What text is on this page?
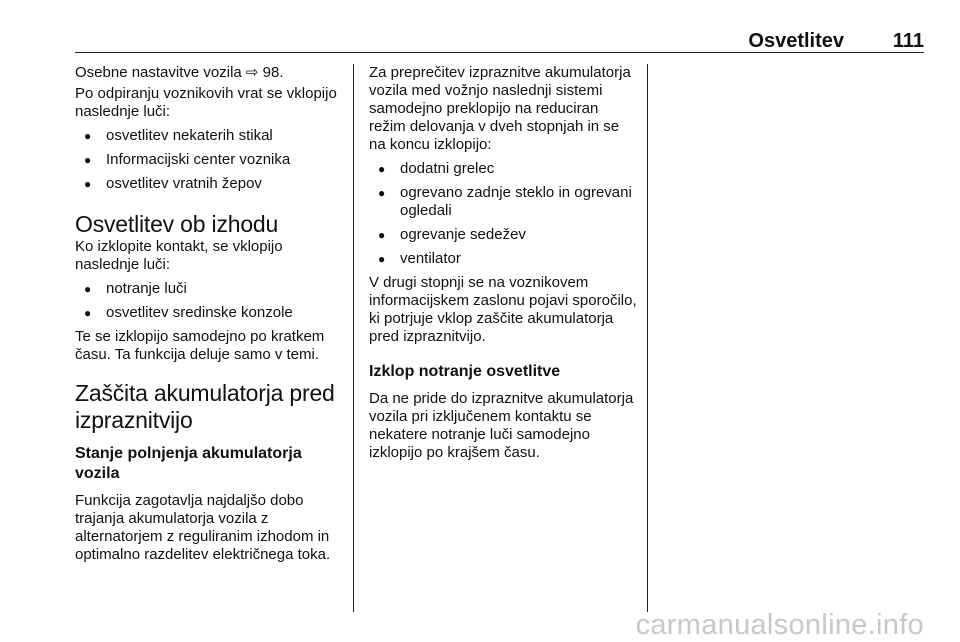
Osvetlitev 111

Osebne nastavitve vozila ⇨ 98.

Po odpiranju voznikovih vrat se vklopijo naslednje luči:

● osvetlitev nekaterih stikal
● Informacijski center voznika
● osvetlitev vratnih žepov
Osvetlitev ob izhodu

Ko izklopite kontakt, se vklopijo naslednje luči:

● notranje luči
● osvetlitev sredinske konzole

Te se izklopijo samodejno po kratkem času. Ta funkcija deluje samo v temi.

Zaščita akumulatorja pred izpraznitvijo
Stanje polnjenja akumulatorja vozila

Funkcija zagotavlja najdaljšo dobo trajanja akumulatorja vozila z alternatorjem z reguliranim izhodom in optimalno razdelitev električnega toka.

Za preprečitev izpraznitve akumulatorja vozila med vožnjo naslednji sistemi samodejno preklopijo na reduciran režim delovanja v dveh stopnjah in se na koncu izklopijo:

● dodatni grelec
● ogrevano zadnje steklo in ogrevani ogledali
● ogrevanje sedežev
● ventilator

V drugi stopnji se na voznikovem informacijskem zaslonu pojavi sporočilo, ki potrjuje vklop zaščite akumulatorja pred izpraznitvijo.

Izklop notranje osvetlitve

Da ne pride do izpraznitve akumulatorja vozila pri izključenem kontaktu se nekatere notranje luči samodejno izklopijo po krajšem času.

carmanualsonline.info
